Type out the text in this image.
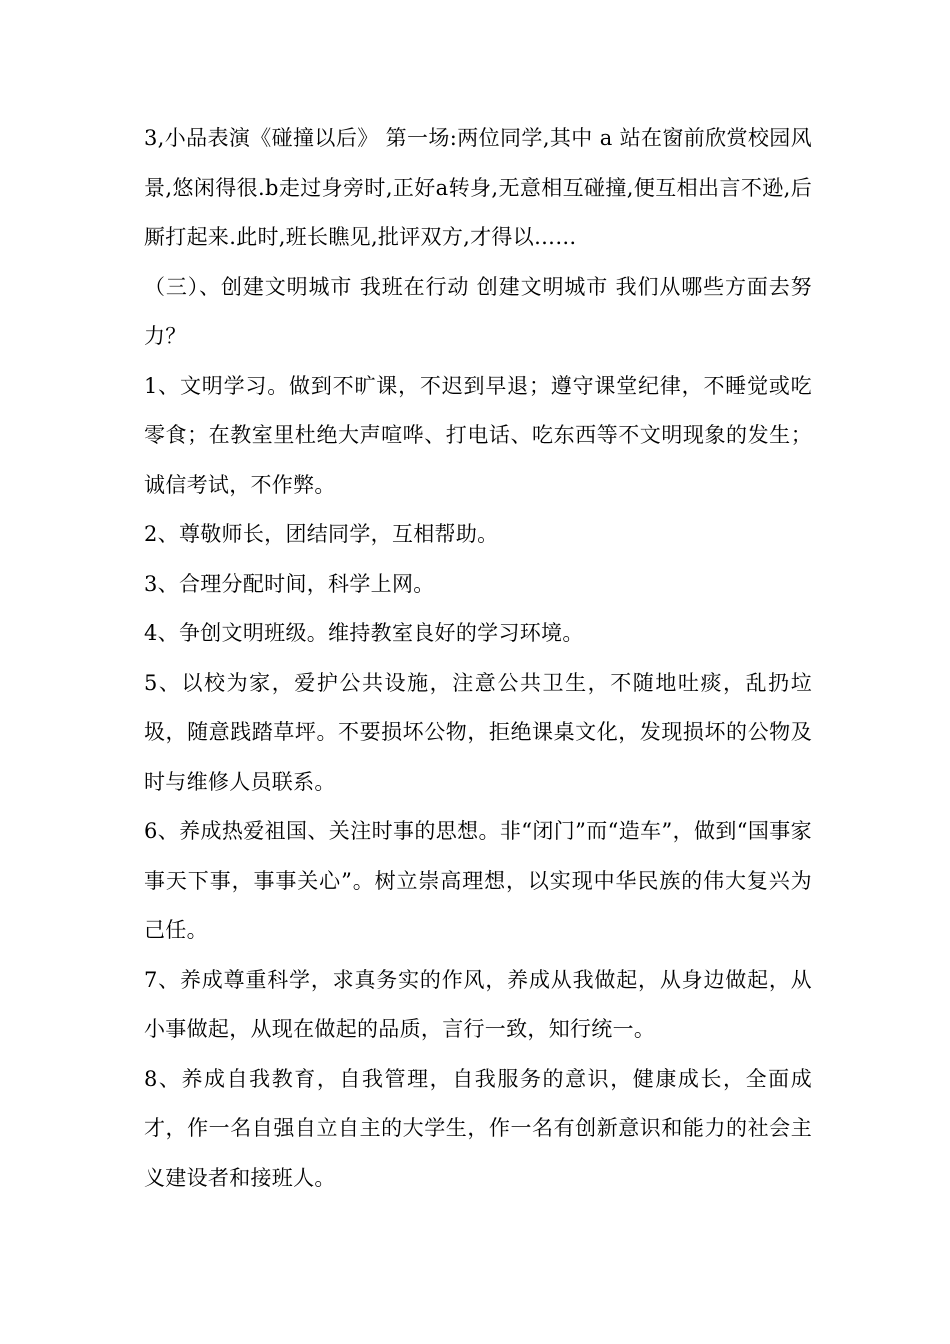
3,小品表演《碰撞以后》 第一场:两位同学,其中 a 站在窗前欣赏校园风景,悠闲得很.b走过身旁时,正好a转身,无意相互碰撞,便互相出言不逊,后厮打起来.此时,班长瞧见,批评双方,才得以……

（三）、创建文明城市 我班在行动 创建文明城市 我们从哪些方面去努力？

1、文明学习。做到不旷课，不迟到早退；遵守课堂纪律，不睡觉或吃零食；在教室里杜绝大声喧哗、打电话、吃东西等不文明现象的发生；诚信考试，不作弊。

2、尊敬师长，团结同学，互相帮助。

3、合理分配时间，科学上网。

4、争创文明班级。维持教室良好的学习环境。

5、以校为家，爱护公共设施，注意公共卫生，不随地吐痰，乱扔垃圾，随意践踏草坪。不要损坏公物，拒绝课桌文化，发现损坏的公物及时与维修人员联系。

6、养成热爱祖国、关注时事的思想。非“闭门”而“造车”，做到“国事家事天下事，事事关心”。树立崇高理想，以实现中华民族的伟大复兴为己任。

7、养成尊重科学，求真务实的作风，养成从我做起，从身边做起，从小事做起，从现在做起的品质，言行一致，知行统一。

8、养成自我教育，自我管理，自我服务的意识，健康成长，全面成才，作一名自强自立自主的大学生，作一名有创新意识和能力的社会主义建设者和接班人。
